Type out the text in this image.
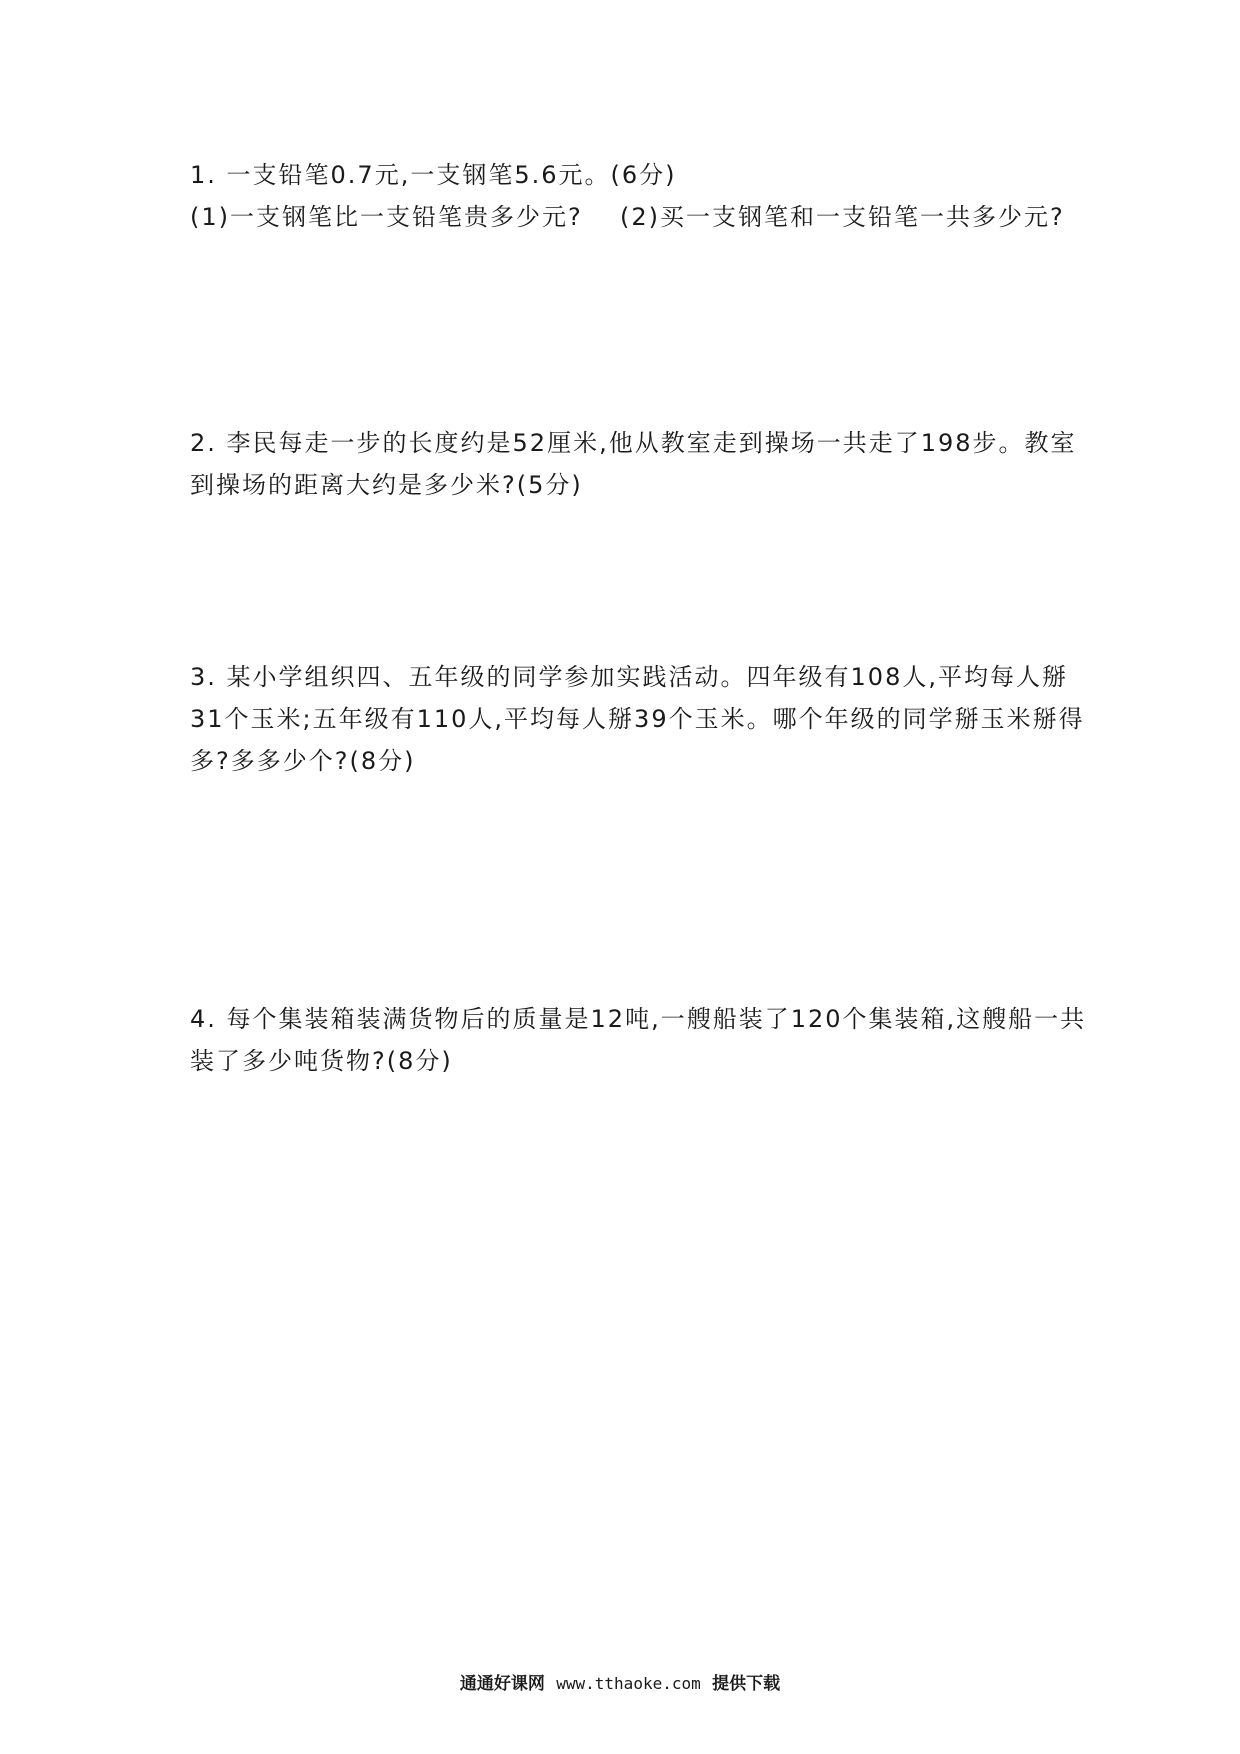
1. 一支铅笔0.7元,一支钢笔5.6元。(6分)
(1)一支钢笔比一支铅笔贵多少元? (2)买一支钢笔和一支铅笔一共多少元?
2. 李民每走一步的长度约是52厘米,他从教室走到操场一共走了198步。教室
到操场的距离大约是多少米?(5分)
3. 某小学组织四、五年级的同学参加实践活动。四年级有108人,平均每人掰
31个玉米;五年级有110人,平均每人掰39个玉米。哪个年级的同学掰玉米掰得
多?多多少个?(8分)
4. 每个集装箱装满货物后的质量是12吨,一艘船装了120个集装箱,这艘船一共
装了多少吨货物?(8分)
通通好课网 www.tthaoke.com 提供下载
